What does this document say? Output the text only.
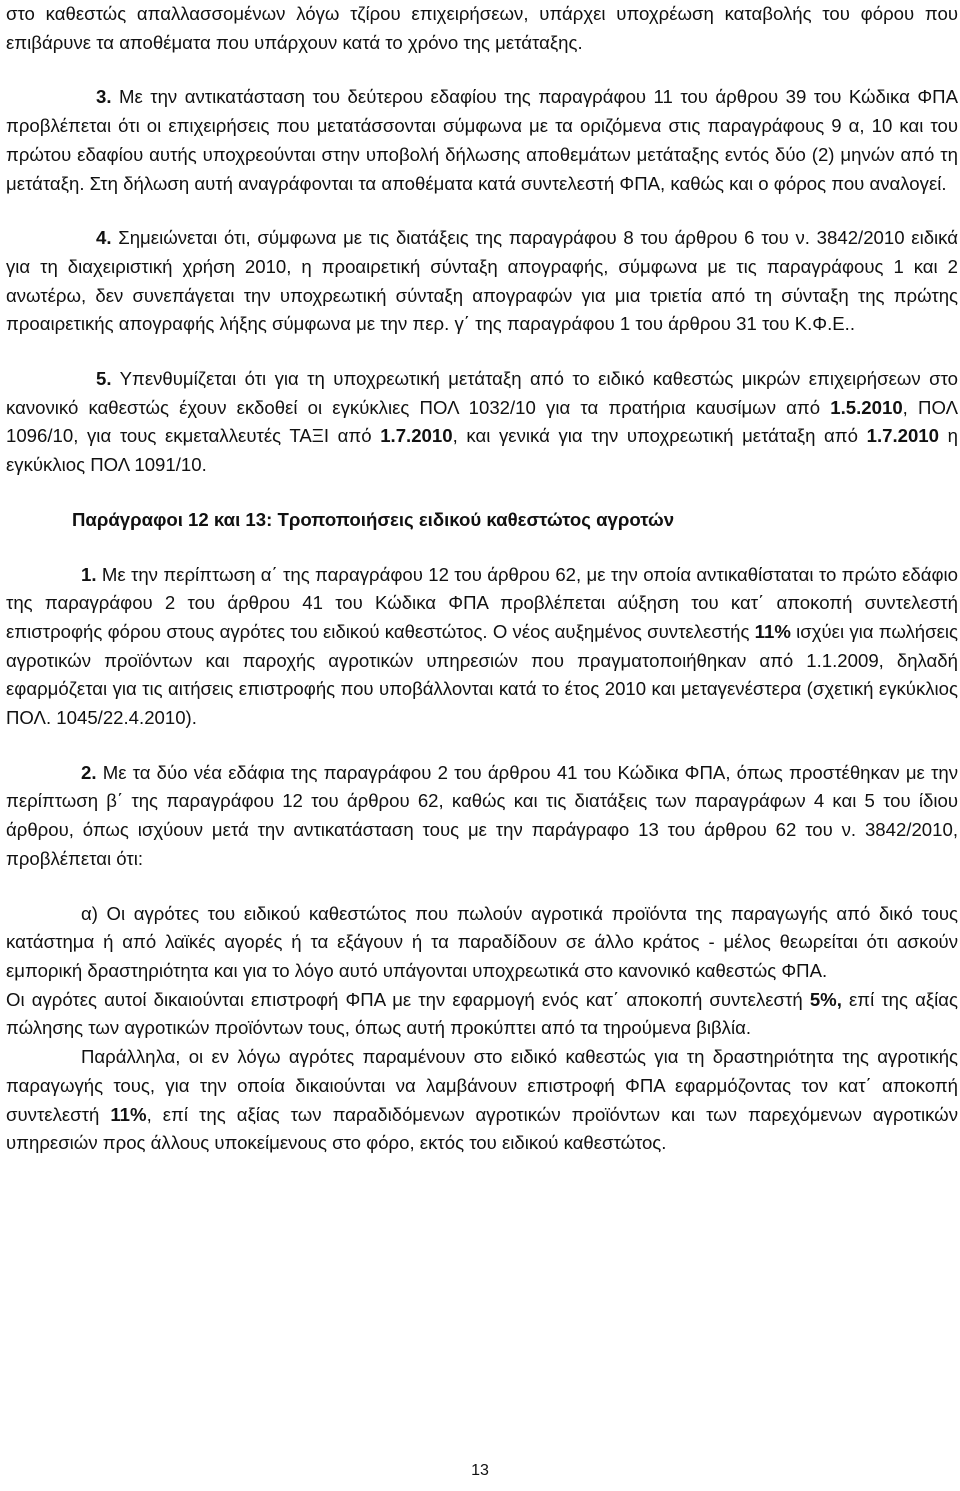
στο καθεστώς απαλλασσομένων λόγω τζίρου επιχειρήσεων, υπάρχει υποχρέωση καταβολής του φόρου που επιβάρυνε τα αποθέματα που υπάρχουν κατά το χρόνο της μετάταξης.

3. Με την αντικατάσταση του δεύτερου εδαφίου της παραγράφου 11 του άρθρου 39 του Κώδικα ΦΠΑ προβλέπεται ότι οι επιχειρήσεις που μετατάσσονται σύμφωνα με τα οριζόμενα στις παραγράφους 9 α, 10 και του πρώτου εδαφίου αυτής υποχρεούνται στην υποβολή δήλωσης αποθεμάτων μετάταξης εντός δύο (2) μηνών από τη μετάταξη. Στη δήλωση αυτή αναγράφονται τα αποθέματα κατά συντελεστή ΦΠΑ, καθώς και ο φόρος που αναλογεί.

4. Σημειώνεται ότι, σύμφωνα με τις διατάξεις της παραγράφου 8 του άρθρου 6 του ν. 3842/2010 ειδικά για τη διαχειριστική χρήση 2010, η προαιρετική σύνταξη απογραφής, σύμφωνα με τις παραγράφους 1 και 2 ανωτέρω, δεν συνεπάγεται την υποχρεωτική σύνταξη απογραφών για μια τριετία από τη σύνταξη της πρώτης προαιρετικής απογραφής λήξης σύμφωνα με την περ. γ΄ της παραγράφου 1 του άρθρου 31 του Κ.Φ.Ε..

5. Υπενθυμίζεται ότι για τη υποχρεωτική μετάταξη από το ειδικό καθεστώς μικρών επιχειρήσεων στο κανονικό καθεστώς έχουν εκδοθεί οι εγκύκλιες ΠΟΛ 1032/10 για τα πρατήρια καυσίμων από 1.5.2010, ΠΟΛ 1096/10, για τους εκμεταλλευτές ΤΑΞΙ από 1.7.2010, και γενικά για την υποχρεωτική μετάταξη από 1.7.2010 η εγκύκλιος ΠΟΛ 1091/10.

Παράγραφοι 12 και 13: Τροποποιήσεις ειδικού καθεστώτος αγροτών

1. Με την περίπτωση α΄ της παραγράφου 12 του άρθρου 62, με την οποία αντικαθίσταται το πρώτο εδάφιο της παραγράφου 2 του άρθρου 41 του Κώδικα ΦΠΑ προβλέπεται αύξηση του κατ΄ αποκοπή συντελεστή επιστροφής φόρου στους αγρότες του ειδικού καθεστώτος. Ο νέος αυξημένος συντελεστής 11% ισχύει για πωλήσεις αγροτικών προϊόντων και παροχής αγροτικών υπηρεσιών που πραγματοποιήθηκαν από 1.1.2009, δηλαδή εφαρμόζεται για τις αιτήσεις επιστροφής που υποβάλλονται κατά το έτος 2010 και μεταγενέστερα (σχετική εγκύκλιος ΠΟΛ. 1045/22.4.2010).

2. Με τα δύο νέα εδάφια της παραγράφου 2 του άρθρου 41 του Κώδικα ΦΠΑ, όπως προστέθηκαν με την περίπτωση β΄ της παραγράφου 12 του άρθρου 62, καθώς και τις διατάξεις των παραγράφων 4 και 5 του ίδιου άρθρου, όπως ισχύουν μετά την αντικατάσταση τους με την παράγραφο 13 του άρθρου 62 του ν. 3842/2010, προβλέπεται ότι:

α) Οι αγρότες του ειδικού καθεστώτος που πωλούν αγροτικά προϊόντα της παραγωγής από δικό τους κατάστημα ή από λαϊκές αγορές ή τα εξάγουν ή τα παραδίδουν σε άλλο κράτος - μέλος θεωρείται ότι ασκούν εμπορική δραστηριότητα και για το λόγο αυτό υπάγονται υποχρεωτικά στο κανονικό καθεστώς ΦΠΑ.

Οι αγρότες αυτοί δικαιούνται επιστροφή ΦΠΑ με την εφαρμογή ενός κατ΄ αποκοπή συντελεστή 5%, επί της αξίας πώλησης των αγροτικών προϊόντων τους, όπως αυτή προκύπτει από τα τηρούμενα βιβλία.

Παράλληλα, οι εν λόγω αγρότες παραμένουν στο ειδικό καθεστώς για τη δραστηριότητα της αγροτικής παραγωγής τους, για την οποία δικαιούνται να λαμβάνουν επιστροφή ΦΠΑ εφαρμόζοντας τον κατ΄ αποκοπή συντελεστή 11%, επί της αξίας των παραδιδόμενων αγροτικών προϊόντων και των παρεχόμενων αγροτικών υπηρεσιών προς άλλους υποκείμενους στο φόρο, εκτός του ειδικού καθεστώτος.

13
